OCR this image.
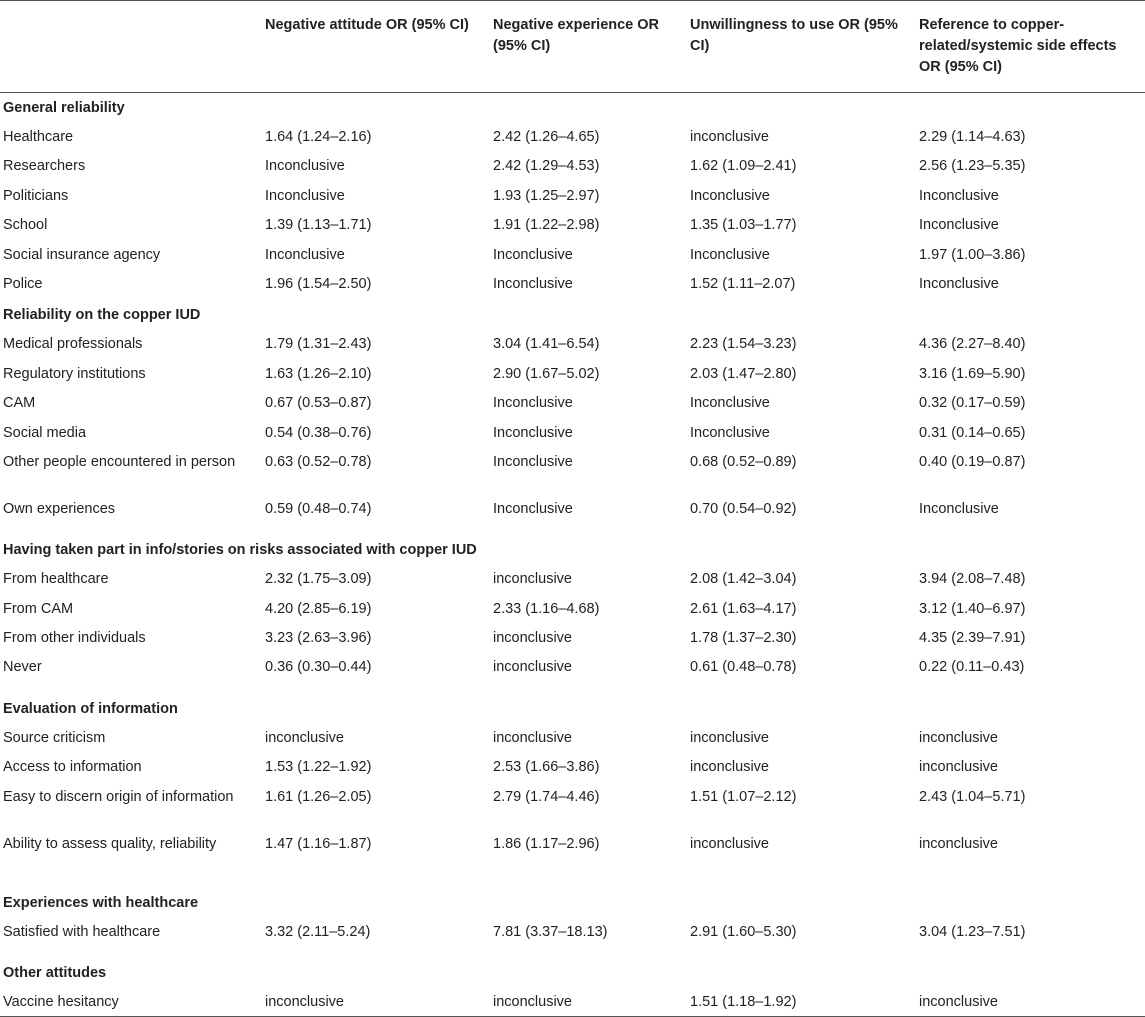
	Negative attitude OR (95% CI)	Negative experience OR (95% CI)	Unwillingness to use OR (95% CI)	Reference to copper-related/systemic side effects OR (95% CI)
General reliability				
Healthcare	1.64 (1.24–2.16)	2.42 (1.26–4.65)	inconclusive	2.29 (1.14–4.63)
Researchers	Inconclusive	2.42 (1.29–4.53)	1.62 (1.09–2.41)	2.56 (1.23–5.35)
Politicians	Inconclusive	1.93 (1.25–2.97)	Inconclusive	Inconclusive
School	1.39 (1.13–1.71)	1.91 (1.22–2.98)	1.35 (1.03–1.77)	Inconclusive
Social insurance agency	Inconclusive	Inconclusive	Inconclusive	1.97 (1.00–3.86)
Police	1.96 (1.54–2.50)	Inconclusive	1.52 (1.11–2.07)	Inconclusive
Reliability on the copper IUD				
Medical professionals	1.79 (1.31–2.43)	3.04 (1.41–6.54)	2.23 (1.54–3.23)	4.36 (2.27–8.40)
Regulatory institutions	1.63 (1.26–2.10)	2.90 (1.67–5.02)	2.03 (1.47–2.80)	3.16 (1.69–5.90)
CAM	0.67 (0.53–0.87)	Inconclusive	Inconclusive	0.32 (0.17–0.59)
Social media	0.54 (0.38–0.76)	Inconclusive	Inconclusive	0.31 (0.14–0.65)
Other people encountered in person	0.63 (0.52–0.78)	Inconclusive	0.68 (0.52–0.89)	0.40 (0.19–0.87)
Own experiences	0.59 (0.48–0.74)	Inconclusive	0.70 (0.54–0.92)	Inconclusive
Having taken part in info/stories on risks associated with copper IUD				
From healthcare	2.32 (1.75–3.09)	inconclusive	2.08 (1.42–3.04)	3.94 (2.08–7.48)
From CAM	4.20 (2.85–6.19)	2.33 (1.16–4.68)	2.61 (1.63–4.17)	3.12 (1.40–6.97)
From other individuals	3.23 (2.63–3.96)	inconclusive	1.78 (1.37–2.30)	4.35 (2.39–7.91)
Never	0.36 (0.30–0.44)	inconclusive	0.61 (0.48–0.78)	0.22 (0.11–0.43)
Evaluation of information				
Source criticism	inconclusive	inconclusive	inconclusive	inconclusive
Access to information	1.53 (1.22–1.92)	2.53 (1.66–3.86)	inconclusive	inconclusive
Easy to discern origin of information	1.61 (1.26–2.05)	2.79 (1.74–4.46)	1.51 (1.07–2.12)	2.43 (1.04–5.71)
Ability to assess quality, reliability	1.47 (1.16–1.87)	1.86 (1.17–2.96)	inconclusive	inconclusive
Experiences with healthcare				
Satisfied with healthcare	3.32 (2.11–5.24)	7.81 (3.37–18.13)	2.91 (1.60–5.30)	3.04 (1.23–7.51)
Other attitudes				
Vaccine hesitancy	inconclusive	inconclusive	1.51 (1.18–1.92)	inconclusive
